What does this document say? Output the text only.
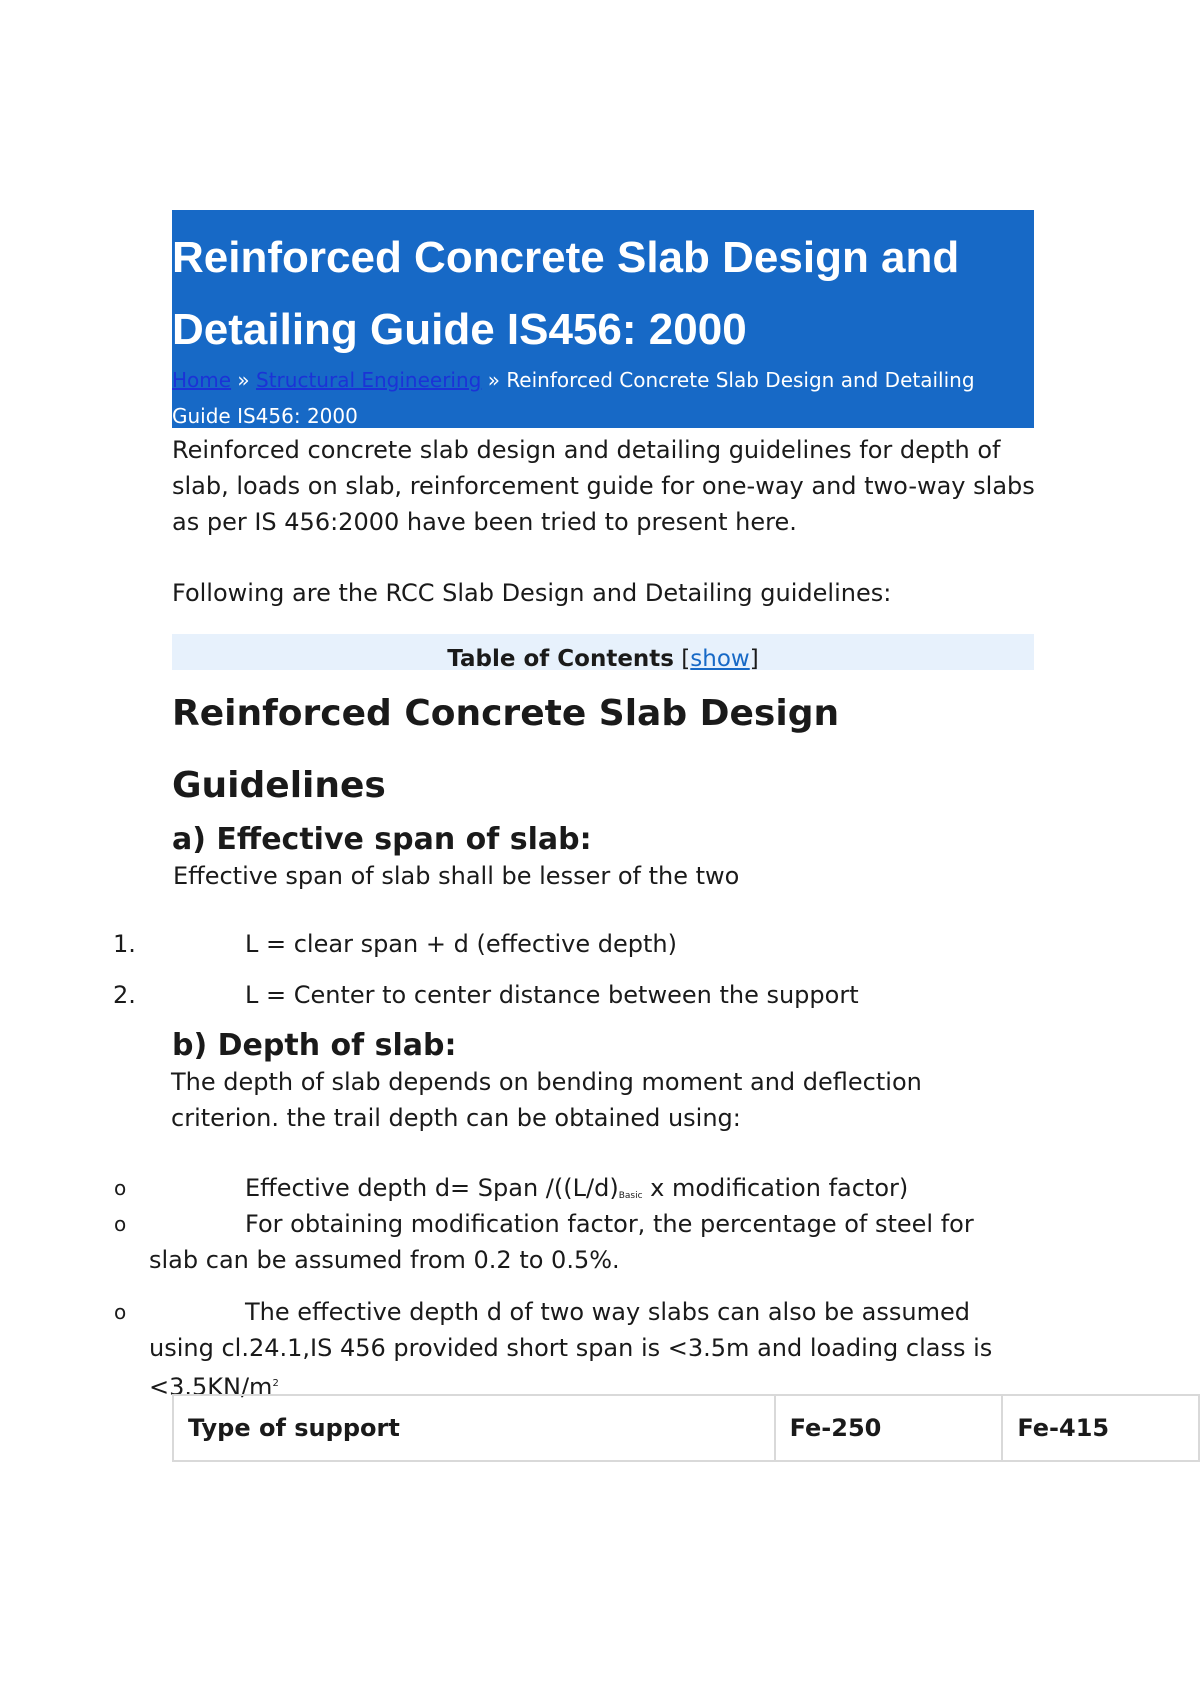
Reinforced Concrete Slab Design and
Detailing Guide IS456: 2000
Home » Structural Engineering » Reinforced Concrete Slab Design and Detailing Guide IS456: 2000

Reinforced concrete slab design and detailing guidelines for depth of slab, loads on slab, reinforcement guide for one-way and two-way slabs as per IS 456:2000 have been tried to present here.

Following are the RCC Slab Design and Detailing guidelines:

Table of Contents [show]
Reinforced Concrete Slab Design
Guidelines
a) Effective span of slab:
Effective span of slab shall be lesser of the two
1.	L = clear span + d (effective depth)
2.	L = Center to center distance between the support
b) Depth of slab:
The depth of slab depends on bending moment and deflection
criterion. the trail depth can be obtained using:
o	Effective depth d= Span $/((L/d)_{Basic}$ x modification factor)
o	For obtaining modification factor, the percentage of steel for
slab can be assumed from 0.2 to 0.5%.
o	The effective depth d of two way slabs can also be assumed
using cl.24.1,IS 456 provided short span is <3.5m and loading class is
$<3.5KN/m^2$
Type of support	Fe-250	Fe-415
